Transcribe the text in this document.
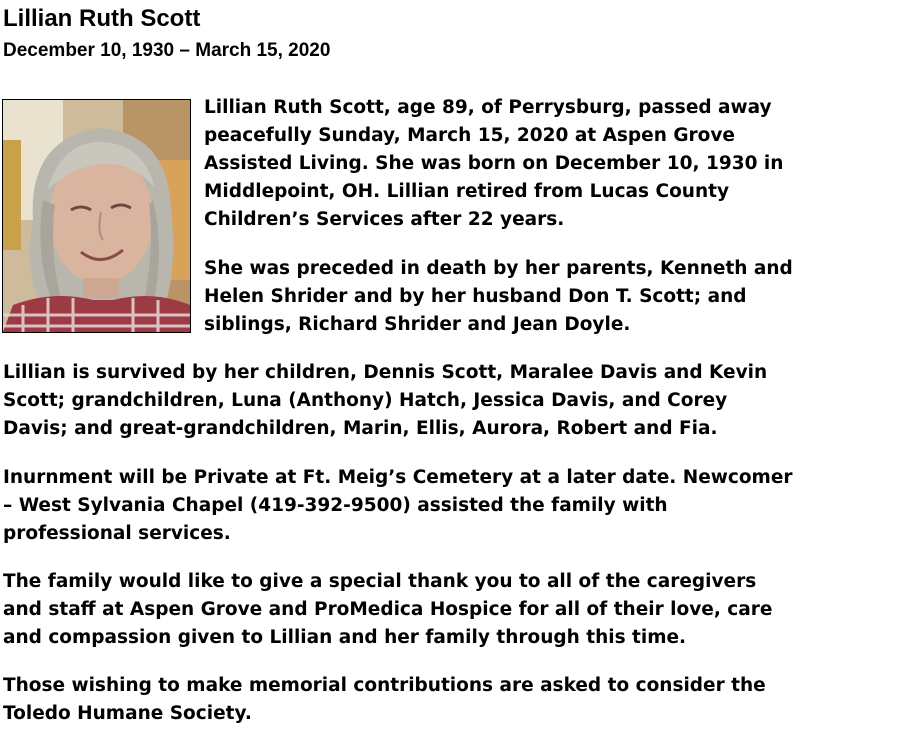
Lillian Ruth Scott
December 10, 1930 – March 15, 2020
Lillian Ruth Scott, age 89, of Perrysburg, passed away
peacefully Sunday, March 15, 2020 at Aspen Grove
Assisted Living. She was born on December 10, 1930 in
Middlepoint, OH. Lillian retired from Lucas County
Children’s Services after 22 years.
She was preceded in death by her parents, Kenneth and
Helen Shrider and by her husband Don T. Scott; and
siblings, Richard Shrider and Jean Doyle.
Lillian is survived by her children, Dennis Scott, Maralee Davis and Kevin
Scott; grandchildren, Luna (Anthony) Hatch, Jessica Davis, and Corey
Davis; and great-grandchildren, Marin, Ellis, Aurora, Robert and Fia.
Inurnment will be Private at Ft. Meig’s Cemetery at a later date. Newcomer
– West Sylvania Chapel (419-392-9500) assisted the family with
professional services.
The family would like to give a special thank you to all of the caregivers
and staff at Aspen Grove and ProMedica Hospice for all of their love, care
and compassion given to Lillian and her family through this time.
Those wishing to make memorial contributions are asked to consider the
Toledo Humane Society.
